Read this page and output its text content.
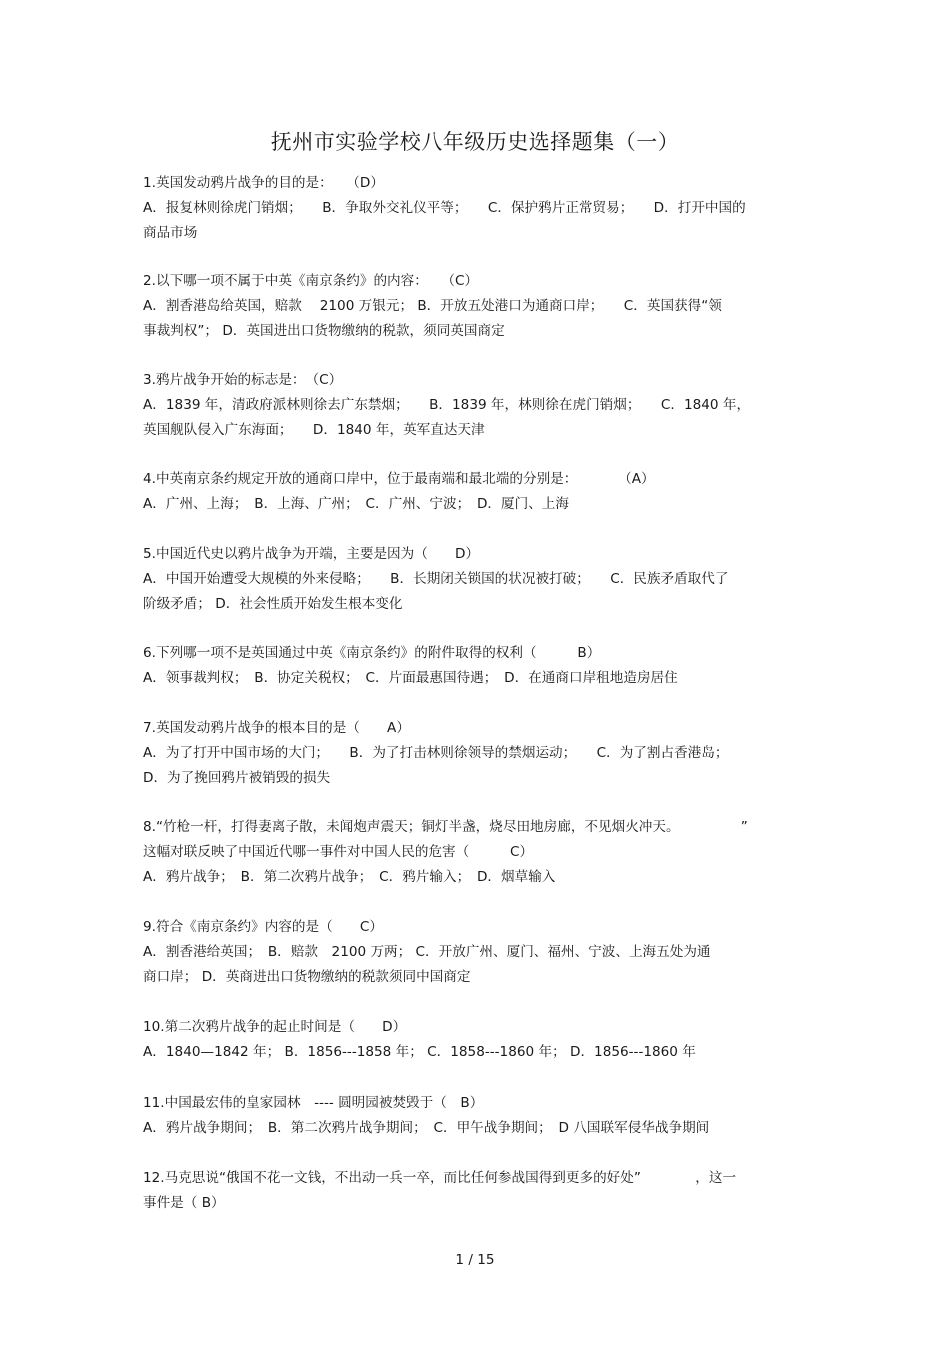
抚州市实验学校八年级历史选择题集（一）
1.英国发动鸦片战争的目的是：　　（D）
A．报复林则徐虎门销烟；　　B．争取外交礼仪平等；　　C．保护鸦片正常贸易；　　D．打开中国的
商品市场
2.以下哪一项不属于中英《南京条约》的内容：　　（C）
A．割香港岛给英国，赔款　 2100 万银元； B．开放五处港口为通商口岸；　　C．英国获得“领
事裁判权”； D．英国进出口货物缴纳的税款，须同英国商定
3.鸦片战争开始的标志是：　（C）
A．1839 年，清政府派林则徐去广东禁烟；　　B．1839 年，林则徐在虎门销烟；　　C．1840 年，
英国舰队侵入广东海面；　　D．1840 年，英军直达天津
4.中英南京条约规定开放的通商口岸中，位于最南端和最北端的分别是：　　　　（A）
A．广州、上海；　B．上海、广州；　C．广州、宁波；　D．厦门、上海
5.中国近代史以鸦片战争为开端，主要是因为（　　D）
A．中国开始遭受大规模的外来侵略；　　B．长期闭关锁国的状况被打破；　　C．民族矛盾取代了
阶级矛盾； D．社会性质开始发生根本变化
6.下列哪一项不是英国通过中英《南京条约》的附件取得的权利（　　　B）
A．领事裁判权；　B．协定关税权；　C．片面最惠国待遇；　D．在通商口岸租地造房居住
7.英国发动鸦片战争的根本目的是（　　A）
A．为了打开中国市场的大门；　　B．为了打击林则徐领导的禁烟运动；　　C．为了割占香港岛；
D．为了挽回鸦片被销毁的损失
8.“竹枪一杆，打得妻离子散，未闻炮声震天；铜灯半盏，烧尽田地房廊，不见烟火冲天。　　　　　”
这幅对联反映了中国近代哪一事件对中国人民的危害（　　　C）
A．鸦片战争；　B．第二次鸦片战争；　C．鸦片输入；　D．烟草输入
9.符合《南京条约》内容的是（　　C）
A．割香港给英国；　B．赔款　2100 万两； C．开放广州、厦门、福州、宁波、上海五处为通
商口岸； D．英商进出口货物缴纳的税款须同中国商定
10.第二次鸦片战争的起止时间是（　　D）
A．1840—1842 年； B．1856---1858 年； C．1858---1860 年； D．1856---1860 年
11.中国最宏伟的皇家园林　---- 圆明园被焚毁于（　B）
A．鸦片战争期间；　B．第二次鸦片战争期间；　C．甲午战争期间；　D 八国联军侵华战争期间
12.马克思说“俄国不花一文钱，不出动一兵一卒，而比任何参战国得到更多的好处”　　　　，这一
事件是（ B）
1 / 15
